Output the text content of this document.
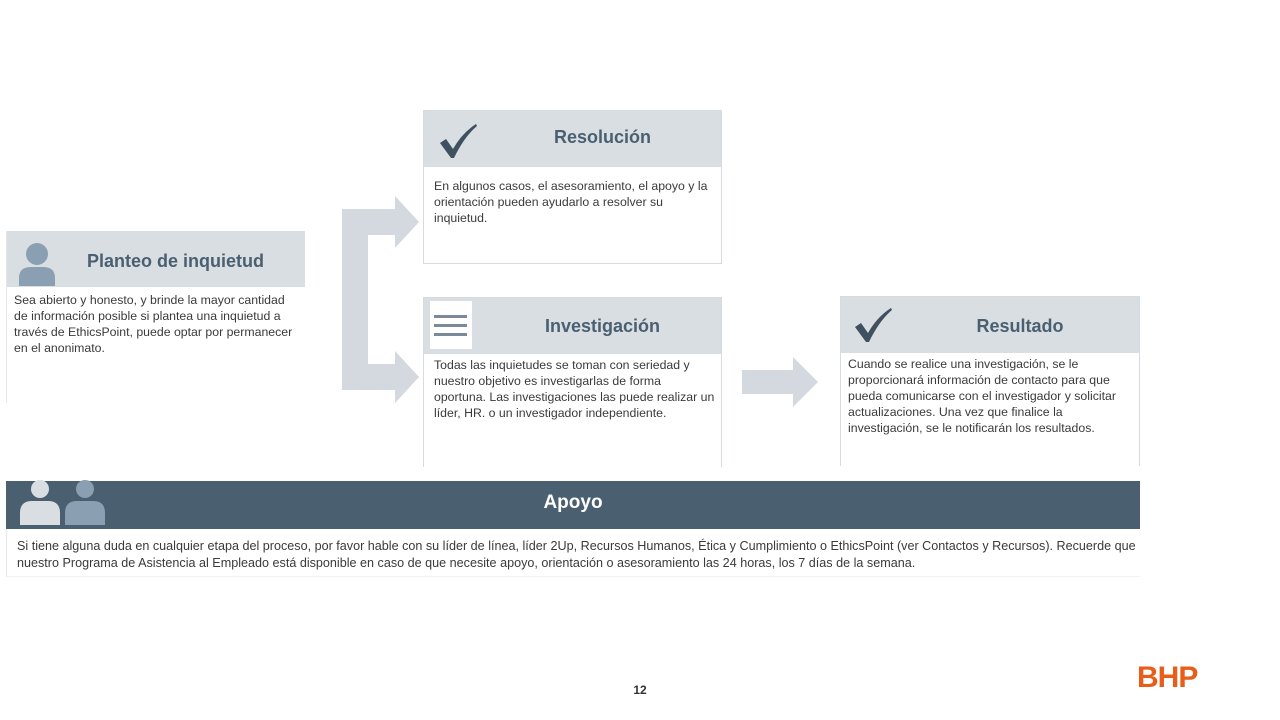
Planteo de inquietud
Sea abierto y honesto, y brinde la mayor cantidad de información posible si plantea una inquietud a través de EthicsPoint, puede optar por permanecer en el anonimato.
Resolución
En algunos casos, el asesoramiento, el apoyo y la orientación pueden ayudarlo a resolver su inquietud.
Investigación
Todas las inquietudes se toman con seriedad y nuestro objetivo es investigarlas de forma oportuna. Las investigaciones las puede realizar un líder, HR. o un investigador independiente.
Resultado
Cuando se realice una investigación, se le proporcionará información de contacto para que pueda comunicarse con el investigador y solicitar actualizaciones. Una vez que finalice la investigación, se le notificarán los resultados.
Apoyo
Si tiene alguna duda en cualquier etapa del proceso, por favor hable con su líder de línea, líder 2Up, Recursos Humanos, Ética y Cumplimiento o EthicsPoint (ver Contactos y Recursos). Recuerde que nuestro Programa de Asistencia al Empleado está disponible en caso de que necesite apoyo, orientación o asesoramiento las 24 horas, los 7 días de la semana.
12	BHP
